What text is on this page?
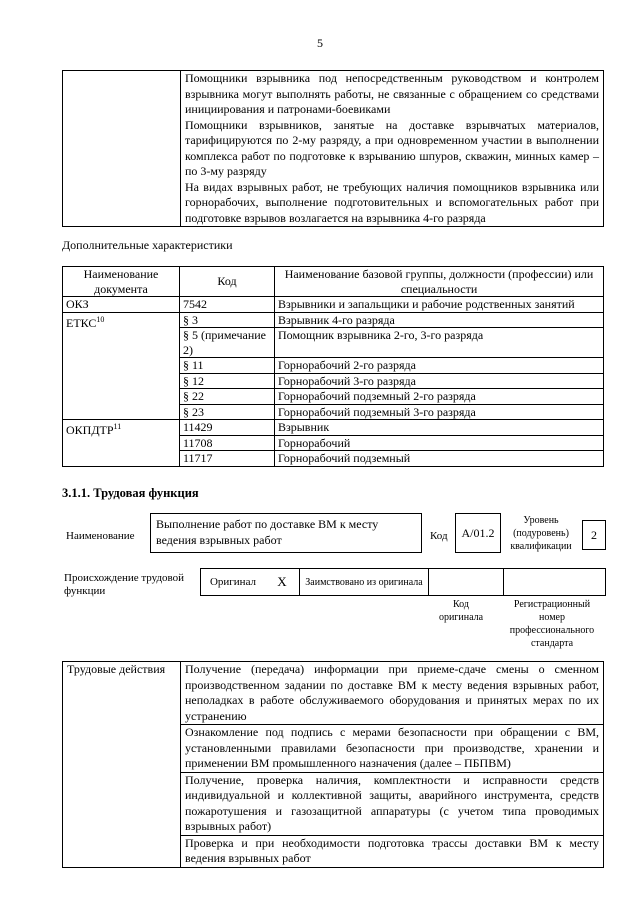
5

Помощники взрывника под непосредственным руководством и контролем взрывника могут выполнять работы, не связанные с обращением со средствами инициирования и патронами-боевиками
Помощники взрывников, занятые на доставке взрывчатых материалов, тарифицируются по 2-му разряду, а при одновременном участии в выполнении комплекса работ по подготовке к взрыванию шпуров, скважин, минных камер – по 3-му разряду
На видах взрывных работ, не требующих наличия помощников взрывника или горнорабочих, выполнение подготовительных и вспомогательных работ при подготовке взрывов возлагается на взрывника 4-го разряда
Дополнительные характеристики
Наименование документа	Код	Наименование базовой группы, должности (профессии) или специальности
ОКЗ	7542	Взрывники и запальщики и рабочие родственных занятий
ЕТКС$^{10}$	§ 3	Взрывник 4-го разряда
	§ 5 (примечание 2)	Помощник взрывника 2-го, 3-го разряда
	§ 11	Горнорабочий 2-го разряда
	§ 12	Горнорабочий 3-го разряда
	§ 22	Горнорабочий подземный 2-го разряда
	§ 23	Горнорабочий подземный 3-го разряда
ОКПДТР$^{11}$	11429	Взрывник
	11708	Горнорабочий
	11717	Горнорабочий подземный
3.1.1. Трудовая функция
Наименование
Выполнение работ по доставке ВМ к месту ведения взрывных работ	Код	А/01.2
Уровень (подуровень) квалификации
2
Происхождение трудовой функции
Оригинал	X	Заимствовано из оригинала
Код оригинала
Регистрационный номер профессионального стандарта
Трудовые действия	Получение (передача) информации при приеме-сдаче смены о сменном производственном задании по доставке ВМ к месту ведения взрывных работ, неполадках в работе обслуживаемого оборудования и принятых мерах по их устранению
Ознакомление под подпись с мерами безопасности при обращении с ВМ, установленными правилами безопасности при производстве, хранении и применении ВМ промышленного назначения (далее – ПБПВМ)
Получение, проверка наличия, комплектности и исправности средств индивидуальной и коллективной защиты, аварийного инструмента, средств пожаротушения и газозащитной аппаратуры (с учетом типа проводимых взрывных работ)
Проверка и при необходимости подготовка трассы доставки ВМ к месту ведения взрывных работ
